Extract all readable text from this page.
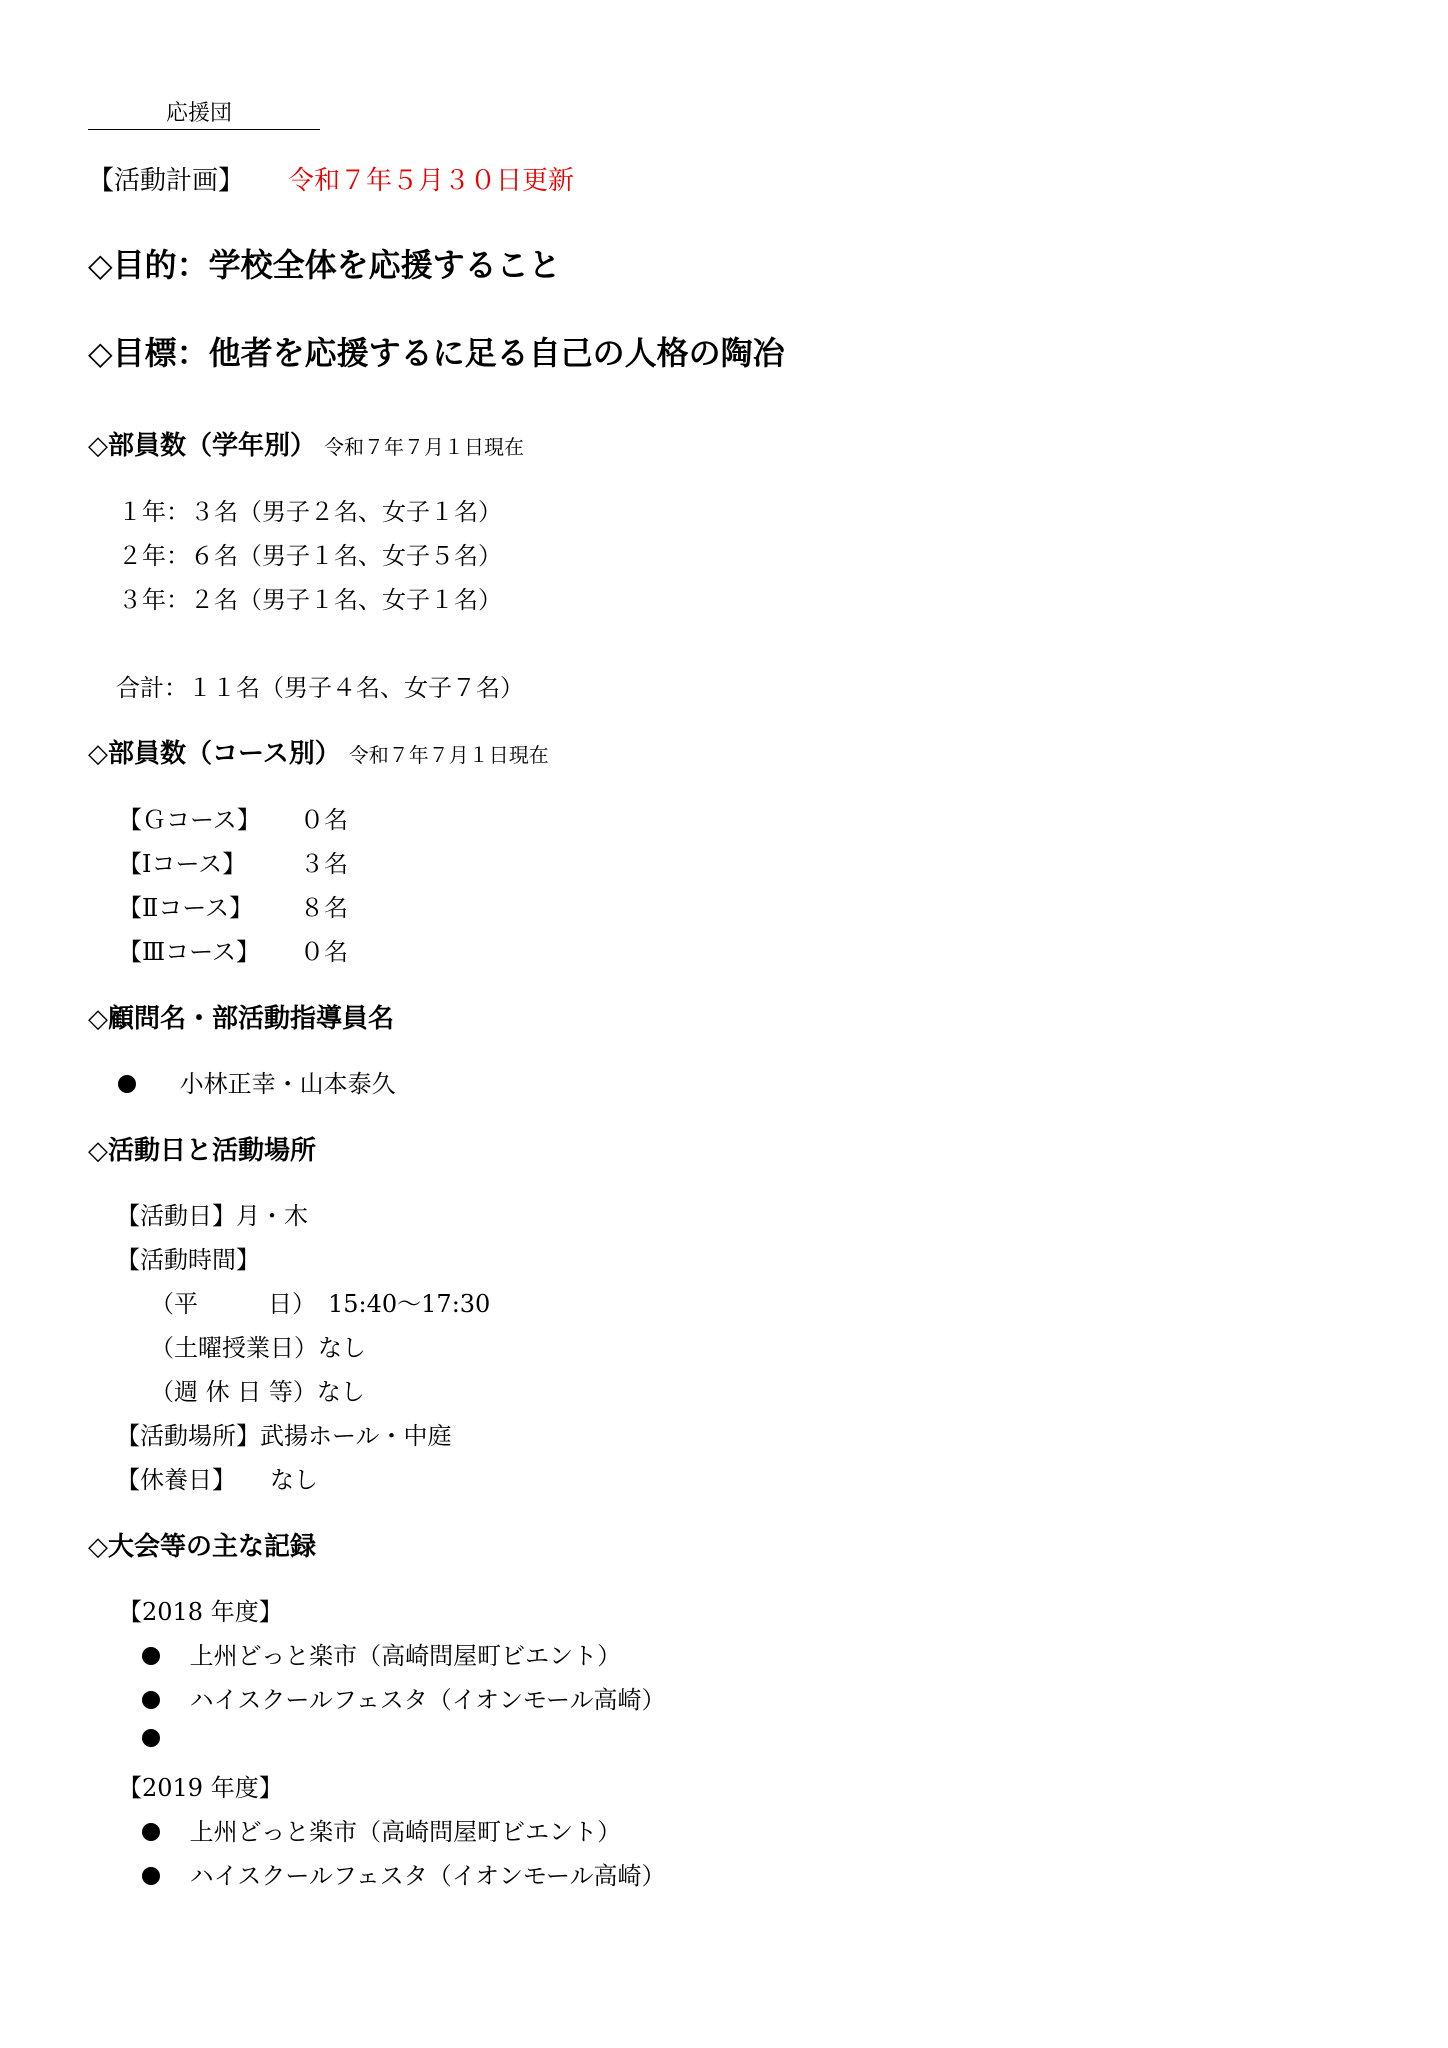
応援団
【活動計画】 令和７年５月３０日更新
◇目的：学校全体を応援すること
◇目標：他者を応援するに足る自己の人格の陶冶
◇部員数（学年別） 令和７年７月１日現在
１年：３名（男子２名、女子１名）
２年：６名（男子１名、女子５名）
３年：２名（男子１名、女子１名）
合計：１１名（男子４名、女子７名）
◇部員数（コース別） 令和７年７月１日現在
【Ｇコース】 ０名
【Ⅰコース】 ３名
【Ⅱコース】 ８名
【Ⅲコース】 ０名
◇顧問名・部活動指導員名
小林正幸・山本泰久
◇活動日と活動場所
【活動日】月・木
【活動時間】
（平	日） 15:40～17:30
（土曜授業日）なし
（週 休 日 等）なし
【活動場所】武揚ホール・中庭
【休養日】 なし
◇大会等の主な記録
【2018 年度】
上州どっと楽市（高崎問屋町ビエント）
ハイスクールフェスタ（イオンモール高崎）
【2019 年度】
上州どっと楽市（高崎問屋町ビエント）
ハイスクールフェスタ（イオンモール高崎）
